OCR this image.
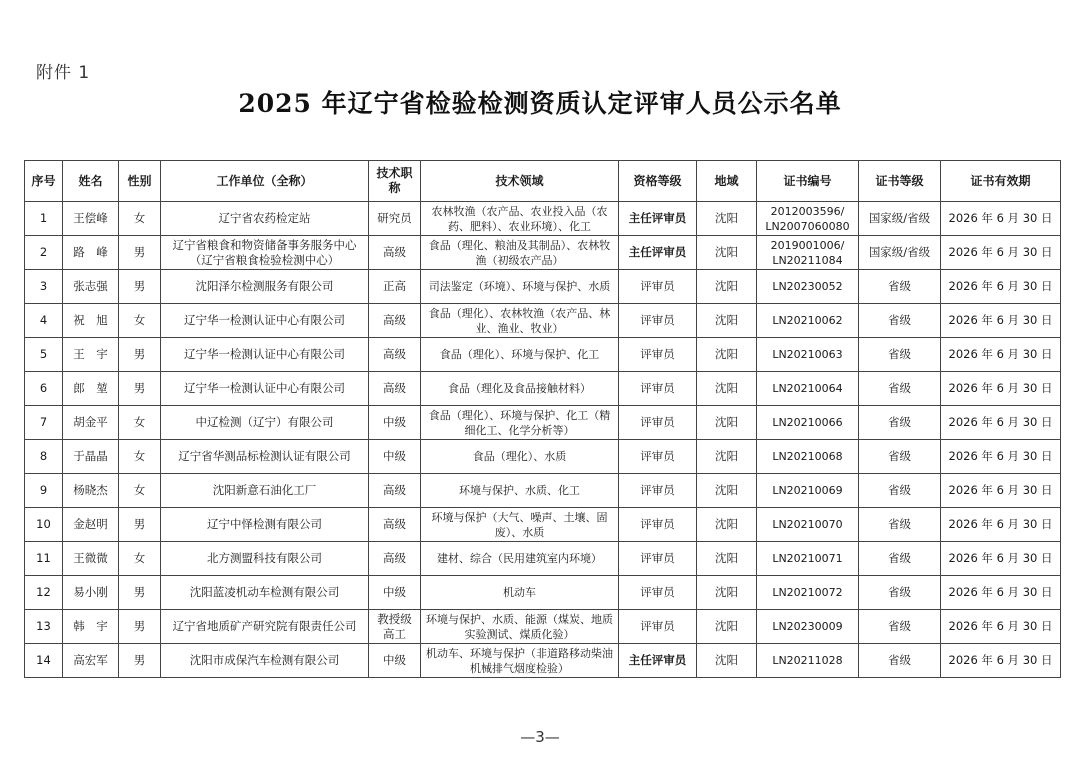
附件 1
2025 年辽宁省检验检测资质认定评审人员公示名单
序号	姓名	性别	工作单位（全称）	技术职称	技术领域	资格等级	地域	证书编号	证书等级	证书有效期
1	王偿峰	女	辽宁省农药检定站	研究员	农林牧渔（农产品、农业投入品（农药、肥料）、农业环境）、化工	主任评审员	沈阳	2012003596/ LN2007060080	国家级/省级	2026 年 6 月 30 日
2	路　峰	男	辽宁省粮食和物资储备事务服务中心（辽宁省粮食检验检测中心）	高级	食品（理化、粮油及其制品）、农林牧渔（初级农产品）	主任评审员	沈阳	2019001006/ LN20211084	国家级/省级	2026 年 6 月 30 日
3	张志强	男	沈阳泽尔检测服务有限公司	正高	司法鉴定（环境）、环境与保护、水质	评审员	沈阳	LN20230052	省级	2026 年 6 月 30 日
4	祝　旭	女	辽宁华一检测认证中心有限公司	高级	食品（理化）、农林牧渔（农产品、林业、渔业、牧业）	评审员	沈阳	LN20210062	省级	2026 年 6 月 30 日
5	王　宇	男	辽宁华一检测认证中心有限公司	高级	食品（理化）、环境与保护、化工	评审员	沈阳	LN20210063	省级	2026 年 6 月 30 日
6	郎　堃	男	辽宁华一检测认证中心有限公司	高级	食品（理化及食品接触材料）	评审员	沈阳	LN20210064	省级	2026 年 6 月 30 日
7	胡金平	女	中辽检测（辽宁）有限公司	中级	食品（理化）、环境与保护、化工（精细化工、化学分析等）	评审员	沈阳	LN20210066	省级	2026 年 6 月 30 日
8	于晶晶	女	辽宁省华测品标检测认证有限公司	中级	食品（理化）、水质	评审员	沈阳	LN20210068	省级	2026 年 6 月 30 日
9	杨晓杰	女	沈阳新意石油化工厂	高级	环境与保护、水质、化工	评审员	沈阳	LN20210069	省级	2026 年 6 月 30 日
10	金赵明	男	辽宁中怿检测有限公司	高级	环境与保护（大气、噪声、土壤、固废）、水质	评审员	沈阳	LN20210070	省级	2026 年 6 月 30 日
11	王微微	女	北方测盟科技有限公司	高级	建材、综合（民用建筑室内环境）	评审员	沈阳	LN20210071	省级	2026 年 6 月 30 日
12	易小刚	男	沈阳蓝凌机动车检测有限公司	中级	机动车	评审员	沈阳	LN20210072	省级	2026 年 6 月 30 日
13	韩　宇	男	辽宁省地质矿产研究院有限责任公司	教授级高工	环境与保护、水质、能源（煤炭、地质实验测试、煤质化验）	评审员	沈阳	LN20230009	省级	2026 年 6 月 30 日
14	高宏军	男	沈阳市成保汽车检测有限公司	中级	机动车、环境与保护（非道路移动柴油机械排气烟度检验）	主任评审员	沈阳	LN20211028	省级	2026 年 6 月 30 日
—3—
